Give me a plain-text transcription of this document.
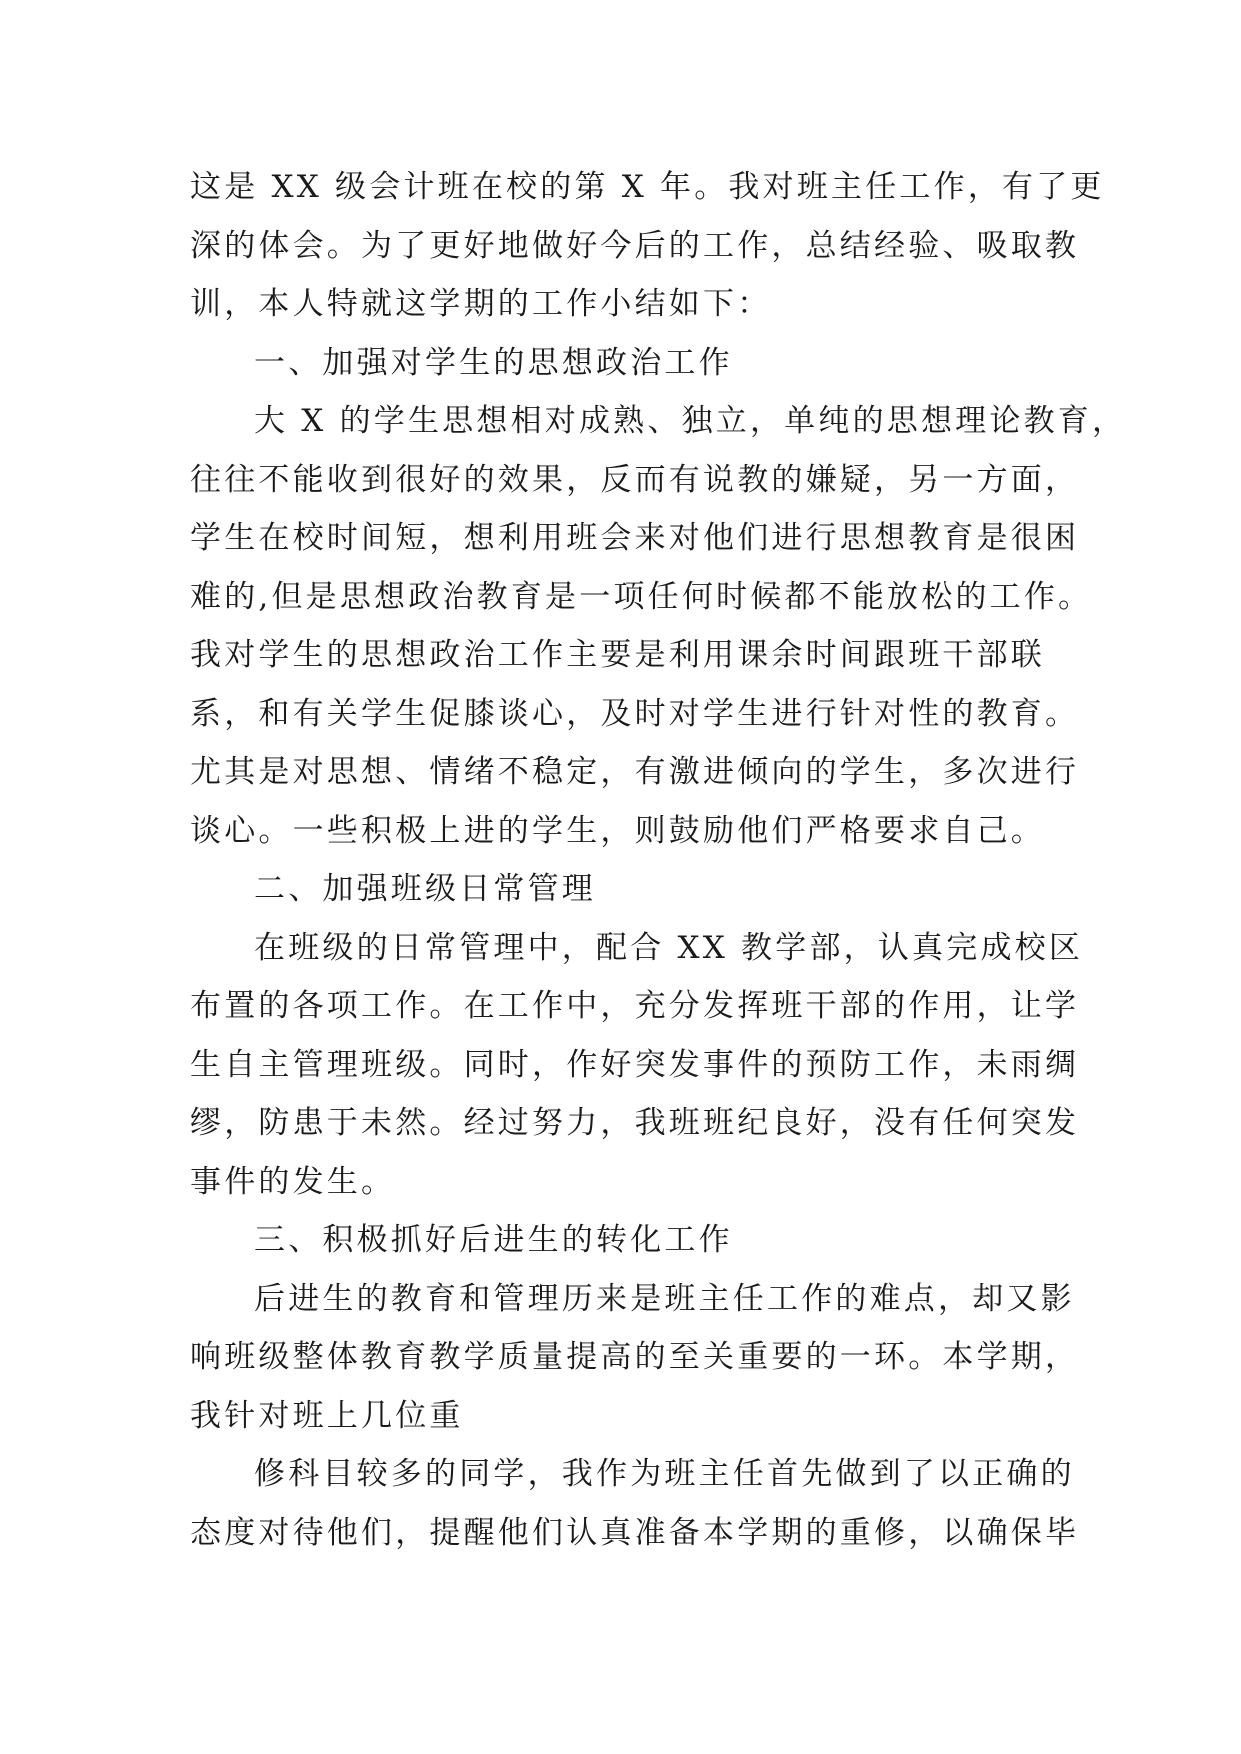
这是 XX 级会计班在校的第 X 年。我对班主任工作，有了更
深的体会。为了更好地做好今后的工作，总结经验、吸取教
训，本人特就这学期的工作小结如下：
一、加强对学生的思想政治工作
大 X 的学生思想相对成熟、独立，单纯的思想理论教育，
往往不能收到很好的效果，反而有说教的嫌疑，另一方面，
学生在校时间短，想利用班会来对他们进行思想教育是很困
难的,但是思想政治教育是一项任何时候都不能放松的工作。
我对学生的思想政治工作主要是利用课余时间跟班干部联
系，和有关学生促膝谈心，及时对学生进行针对性的教育。
尤其是对思想、情绪不稳定，有激进倾向的学生，多次进行
谈心。一些积极上进的学生，则鼓励他们严格要求自己。
二、加强班级日常管理
在班级的日常管理中，配合 XX 教学部，认真完成校区
布置的各项工作。在工作中，充分发挥班干部的作用，让学
生自主管理班级。同时，作好突发事件的预防工作，未雨绸
缪，防患于未然。经过努力，我班班纪良好，没有任何突发
事件的发生。
三、积极抓好后进生的转化工作
后进生的教育和管理历来是班主任工作的难点，却又影
响班级整体教育教学质量提高的至关重要的一环。本学期，
我针对班上几位重
修科目较多的同学，我作为班主任首先做到了以正确的
态度对待他们，提醒他们认真准备本学期的重修，以确保毕
